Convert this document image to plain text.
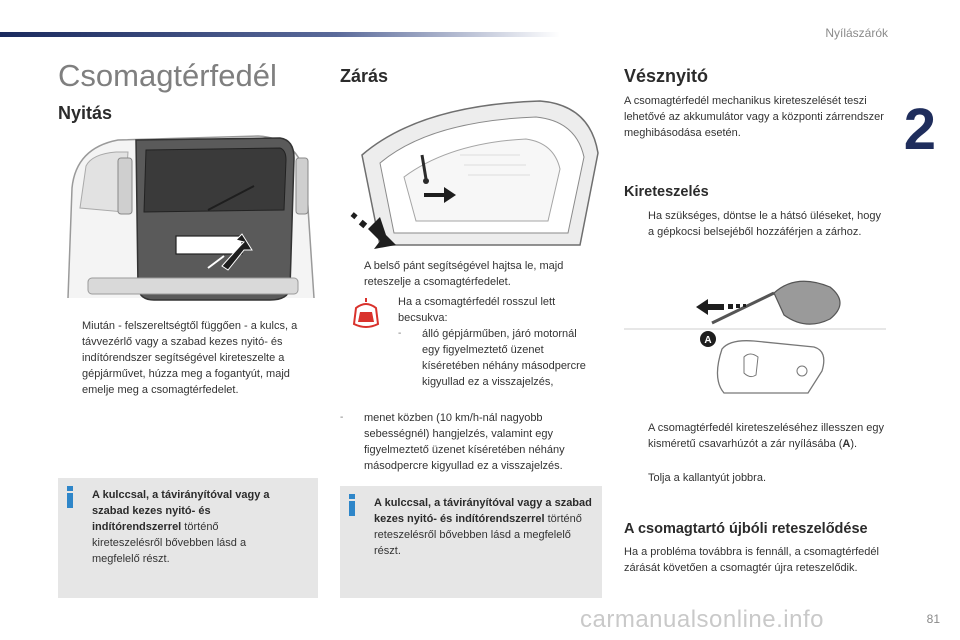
Nyílászárók
2
Csomagtérfedél
Nyitás
Miután - felszereltségtől függően - a kulcs, a távvezérlő vagy a szabad kezes nyitó- és indítórendszer segítségével kireteszelte a gépjárművet, húzza meg a fogantyút, majd emelje meg a csomagtérfedelet.
A kulccsal, a távirányítóval vagy a szabad kezes nyitó- és indítórendszerrel történő kireteszelésről bővebben lásd a megfelelő részt.
Zárás
A belső pánt segítségével hajtsa le, majd reteszelje a csomagtérfedelet.
Ha a csomagtérfedél rosszul lett becsukva:
- álló gépjárműben, járó motornál egy figyelmeztető üzenet kíséretében néhány másodpercre kigyullad ez a visszajelzés,
- menet közben (10 km/h-nál nagyobb sebességnél) hangjelzés, valamint egy figyelmeztető üzenet kíséretében néhány másodpercre kigyullad ez a visszajelzés.
A kulccsal, a távirányítóval vagy a szabad kezes nyitó- és indítórendszerrel történő reteszelésről bővebben lásd a megfelelő részt.
Vésznyitó
A csomagtérfedél mechanikus kireteszelését teszi lehetővé az akkumulátor vagy a központi zárrendszer meghibásodása esetén.
Kireteszelés
Ha szükséges, döntse le a hátsó üléseket, hogy a gépkocsi belsejéből hozzáférjen a zárhoz.
A
A csomagtérfedél kireteszeléséhez illesszen egy kisméretű csavarhúzót a zár nyílásába (A).
Tolja a kallantyút jobbra.
A csomagtartó újbóli reteszelődése
Ha a probléma továbbra is fennáll, a csomagtérfedél zárását követően a csomagtér újra reteszelődik.
carmanualsonline.info	81
